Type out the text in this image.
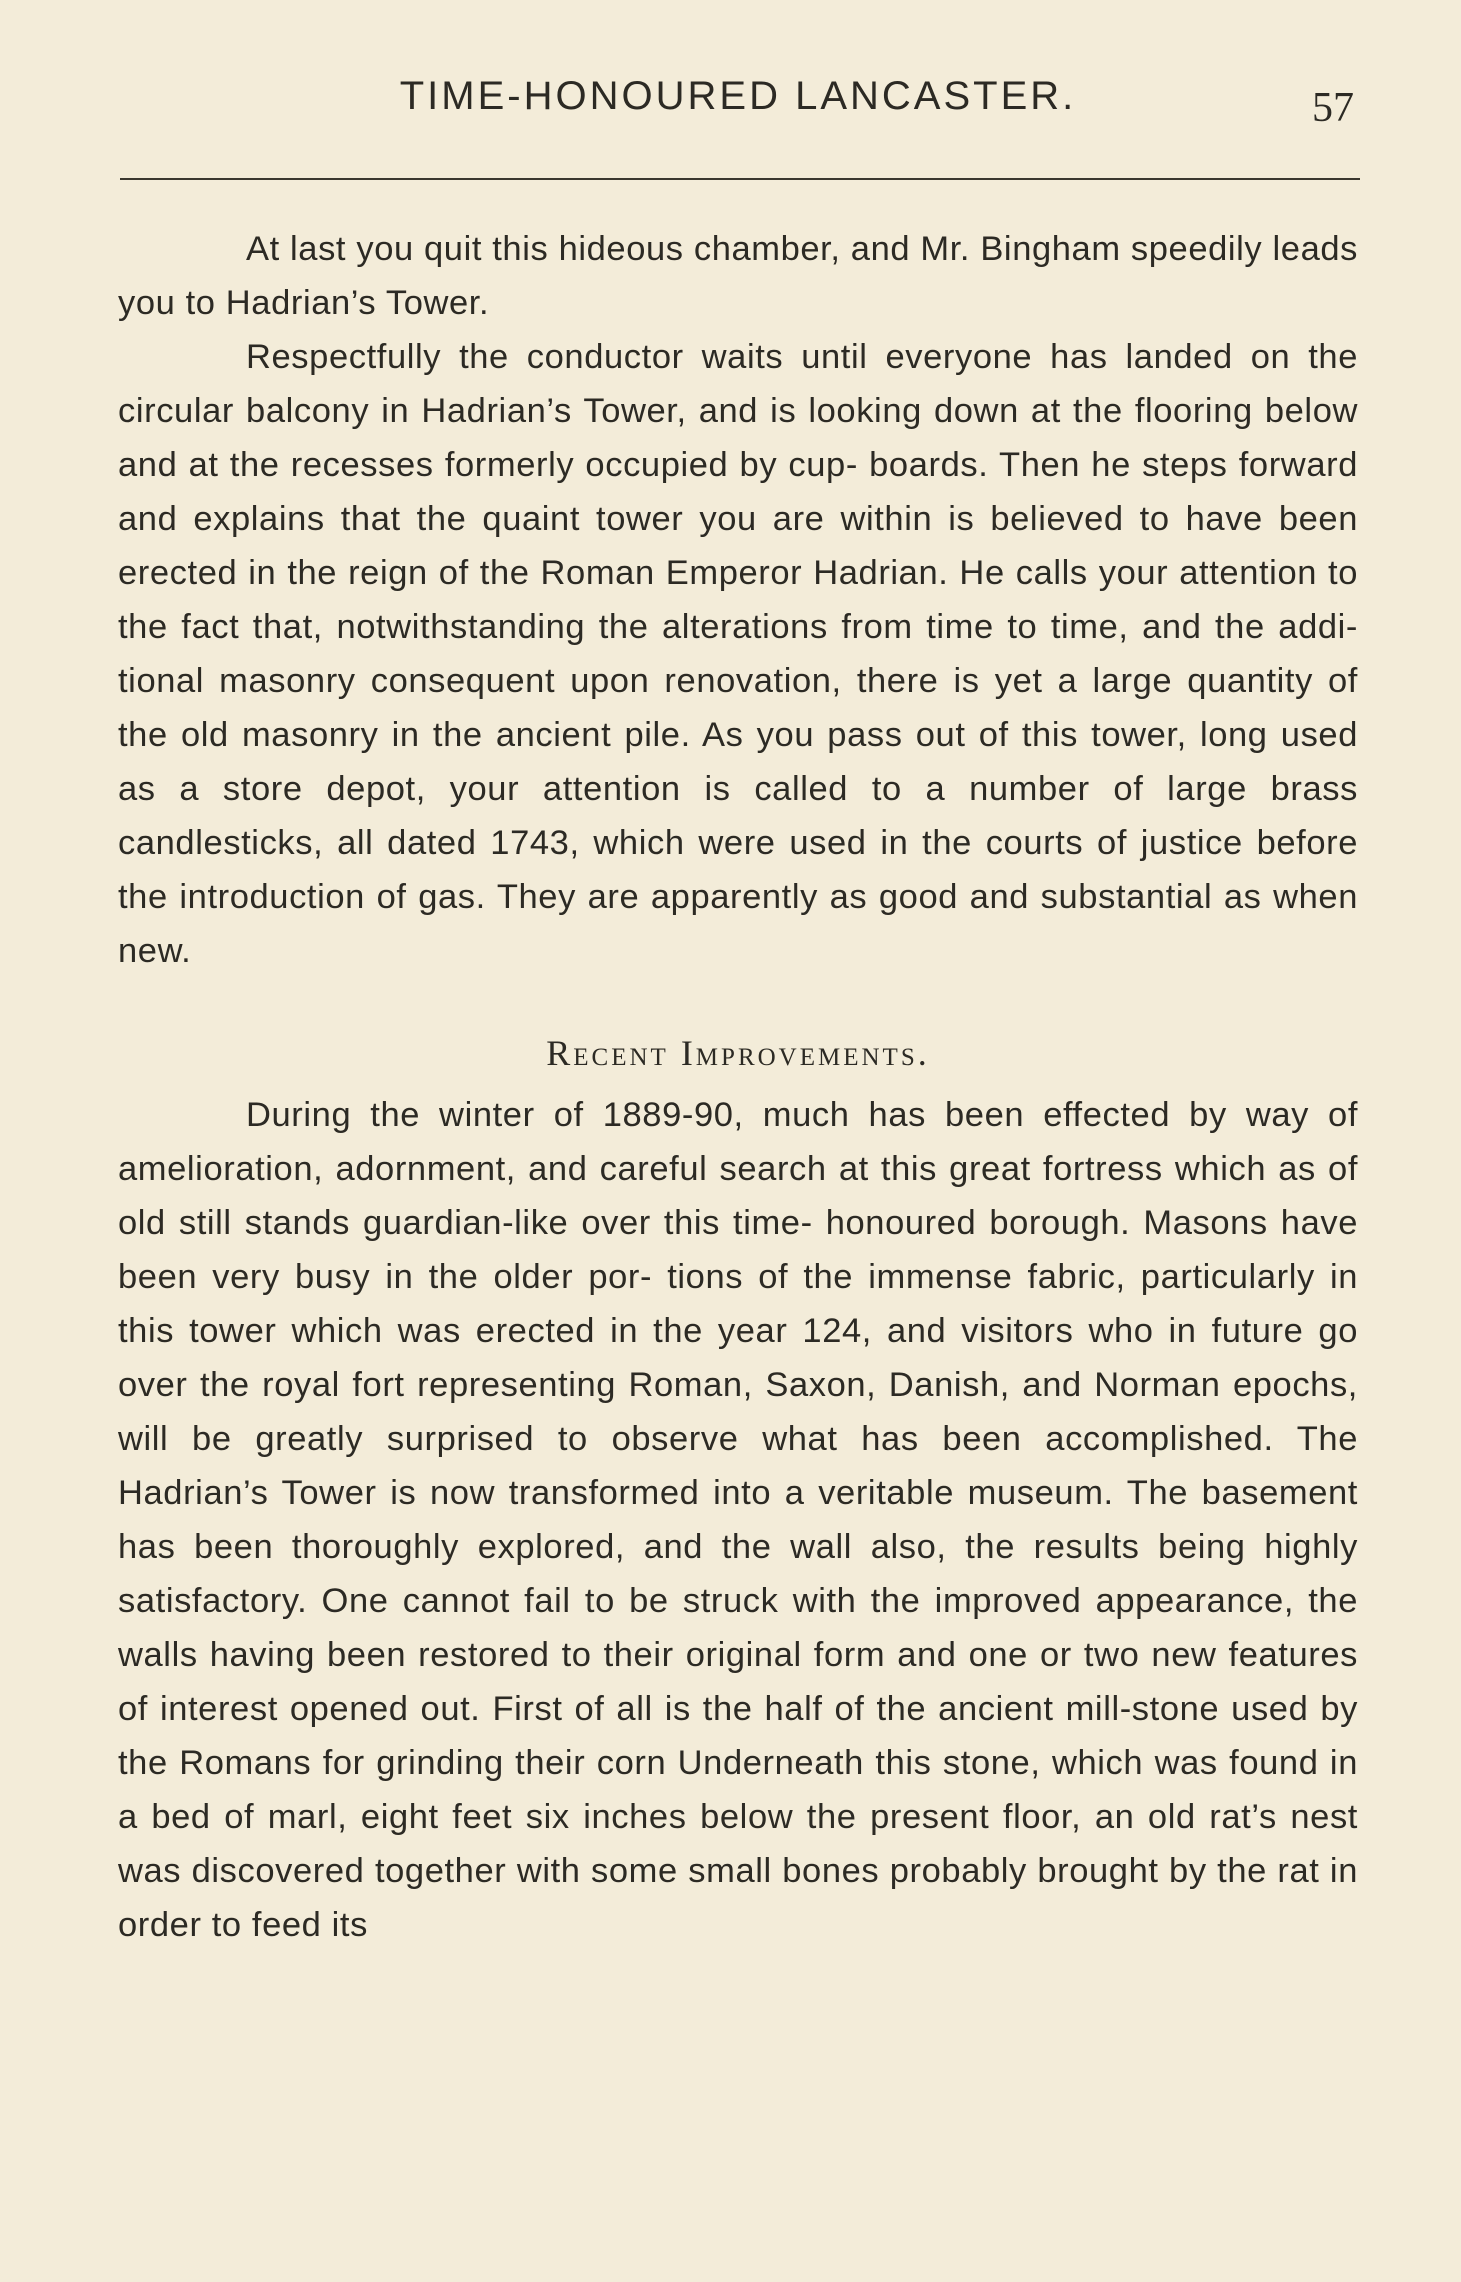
TIME-HONOURED LANCASTER.	57

At last you quit this hideous chamber, and Mr. Bingham speedily leads you to Hadrian’s Tower.

Respectfully the conductor waits until everyone has landed on the circular balcony in Hadrian’s Tower, and is looking down at the flooring below and at the recesses formerly occupied by cup- boards. Then he steps forward and explains that the quaint tower you are within is believed to have been erected in the reign of the Roman Emperor Hadrian. He calls your attention to the fact that, notwithstanding the alterations from time to time, and the addi- tional masonry consequent upon renovation, there is yet a large quantity of the old masonry in the ancient pile. As you pass out of this tower, long used as a store depot, your attention is called to a number of large brass candlesticks, all dated 1743, which were used in the courts of justice before the introduction of gas. They are apparently as good and substantial as when new.

Recent Improvements.

During the winter of 1889-90, much has been effected by way of amelioration, adornment, and careful search at this great fortress which as of old still stands guardian-like over this time- honoured borough. Masons have been very busy in the older por- tions of the immense fabric, particularly in this tower which was erected in the year 124, and visitors who in future go over the royal fort representing Roman, Saxon, Danish, and Norman epochs, will be greatly surprised to observe what has been accomplished. The Hadrian’s Tower is now transformed into a veritable museum. The basement has been thoroughly explored, and the wall also, the results being highly satisfactory. One cannot fail to be struck with the improved appearance, the walls having been restored to their original form and one or two new features of interest opened out. First of all is the half of the ancient mill-stone used by the Romans for grinding their corn Underneath this stone, which was found in a bed of marl, eight feet six inches below the present floor, an old rat’s nest was discovered together with some small bones probably brought by the rat in order to feed its
